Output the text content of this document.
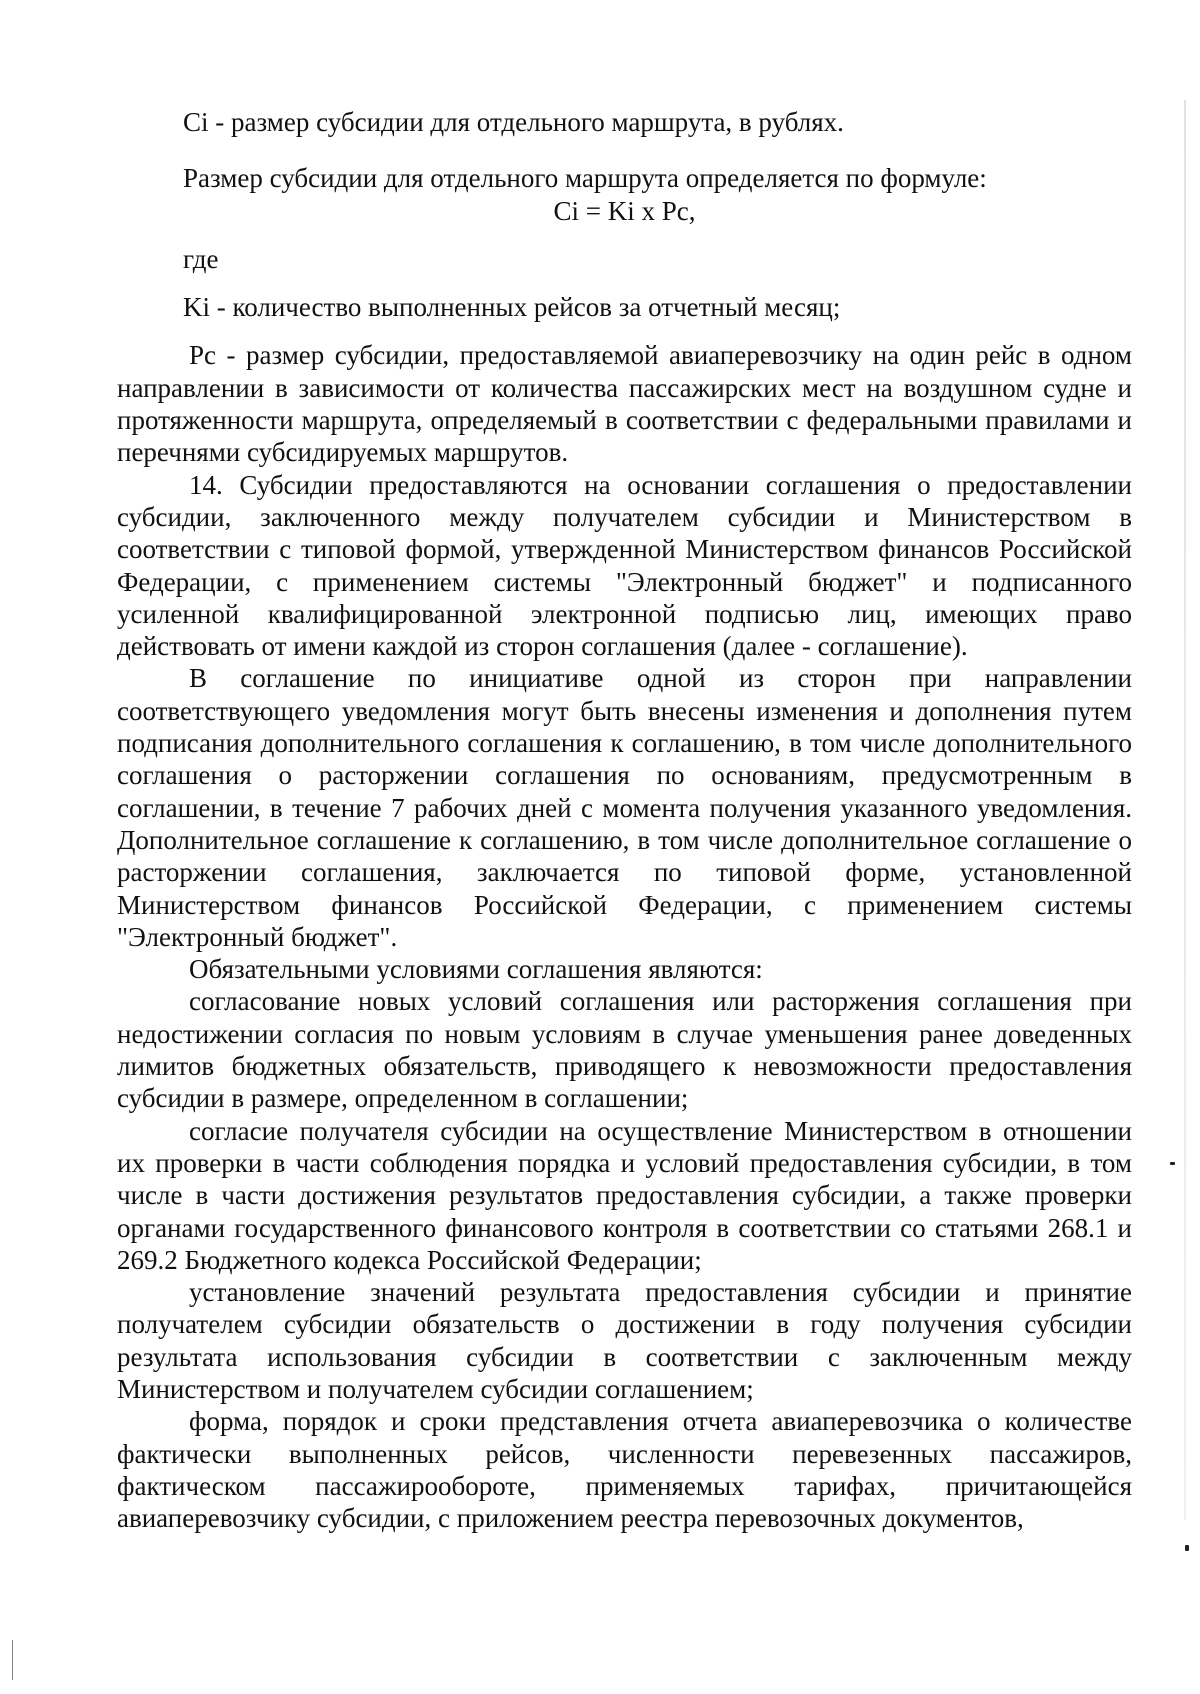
Ci - размер субсидии для отдельного маршрута, в рублях.

Размер субсидии для отдельного маршрута определяется по формуле:

Ci = Ki x Pc,

где

Ki - количество выполненных рейсов за отчетный месяц;

Pc - размер субсидии, предоставляемой авиаперевозчику на один рейс в одном направлении в зависимости от количества пассажирских мест на воздушном судне и протяженности маршрута, определяемый в соответствии с федеральными правилами и перечнями субсидируемых маршрутов.

14. Субсидии предоставляются на основании соглашения о предоставлении субсидии, заключенного между получателем субсидии и Министерством в соответствии с типовой формой, утвержденной Министерством финансов Российской Федерации, с применением системы "Электронный бюджет" и подписанного усиленной квалифицированной электронной подписью лиц, имеющих право действовать от имени каждой из сторон соглашения (далее - соглашение).

В соглашение по инициативе одной из сторон при направлении соответствующего уведомления могут быть внесены изменения и дополнения путем подписания дополнительного соглашения к соглашению, в том числе дополнительного соглашения о расторжении соглашения по основаниям, предусмотренным в соглашении, в течение 7 рабочих дней с момента получения указанного уведомления. Дополнительное соглашение к соглашению, в том числе дополнительное соглашение о расторжении соглашения, заключается по типовой форме, установленной Министерством финансов Российской Федерации, с применением системы "Электронный бюджет".

Обязательными условиями соглашения являются:

согласование новых условий соглашения или расторжения соглашения при недостижении согласия по новым условиям в случае уменьшения ранее доведенных лимитов бюджетных обязательств, приводящего к невозможности предоставления субсидии в размере, определенном в соглашении;

согласие получателя субсидии на осуществление Министерством в отношении их проверки в части соблюдения порядка и условий предоставления субсидии, в том числе в части достижения результатов предоставления субсидии, а также проверки органами государственного финансового контроля в соответствии со статьями 268.1 и 269.2 Бюджетного кодекса Российской Федерации;

установление значений результата предоставления субсидии и принятие получателем субсидии обязательств о достижении в году получения субсидии результата использования субсидии в соответствии с заключенным между Министерством и получателем субсидии соглашением;

форма, порядок и сроки представления отчета авиаперевозчика о количестве фактически выполненных рейсов, численности перевезенных пассажиров, фактическом пассажирообороте, применяемых тарифах, причитающейся авиаперевозчику субсидии, с приложением реестра перевозочных документов,
